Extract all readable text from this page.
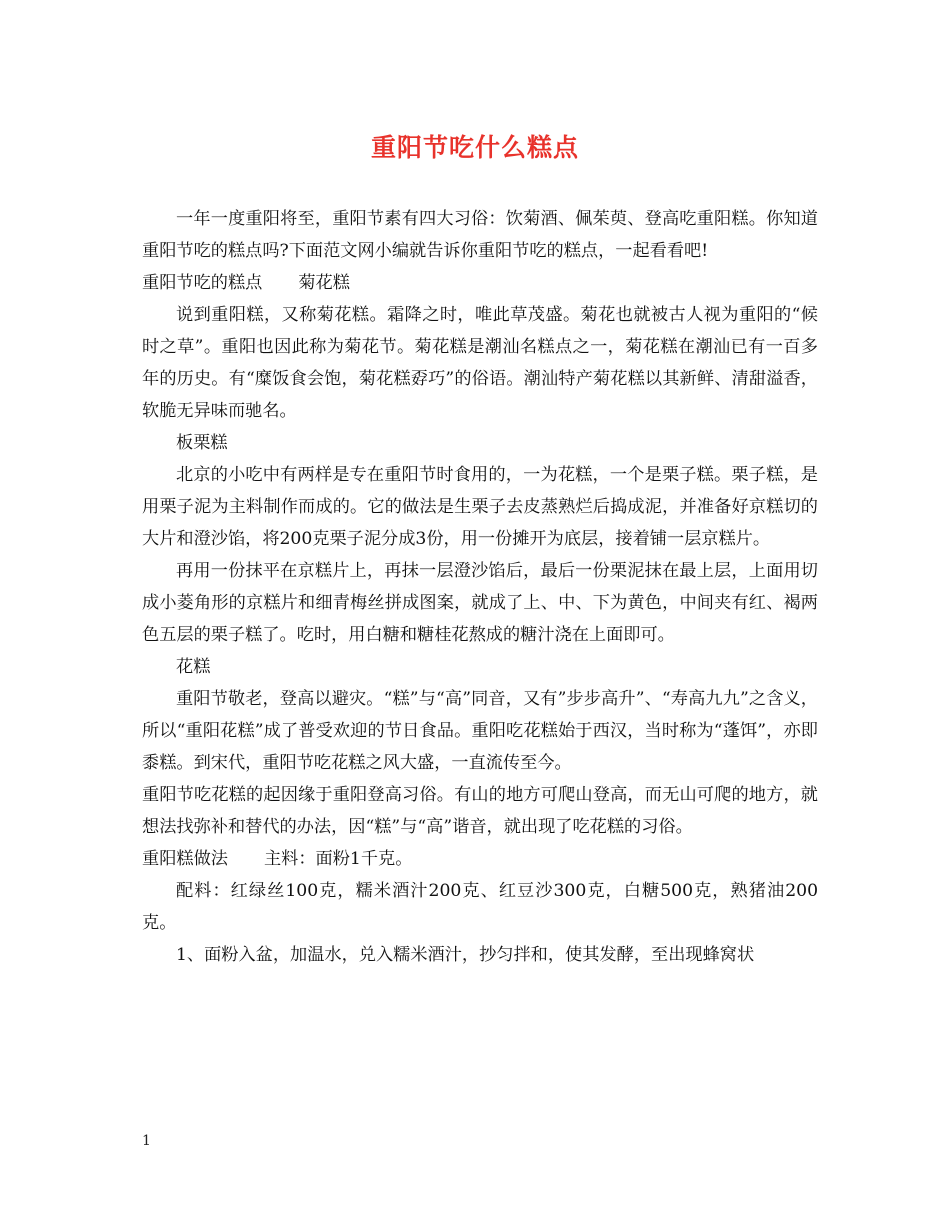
重阳节吃什么糕点

一年一度重阳将至，重阳节素有四大习俗：饮菊酒、佩茱萸、登高吃重阳糕。你知道重阳节吃的糕点吗?下面范文网小编就告诉你重阳节吃的糕点，一起看看吧!

重阳节吃的糕点 菊花糕

说到重阳糕，又称菊花糕。霜降之时，唯此草茂盛。菊花也就被古人视为重阳的“候时之草”。重阳也因此称为菊花节。菊花糕是潮汕名糕点之一，菊花糕在潮汕已有一百多年的历史。有“糜饭食会饱，菊花糕孬巧”的俗语。潮汕特产菊花糕以其新鲜、清甜溢香，软脆无异味而驰名。

板栗糕

北京的小吃中有两样是专在重阳节时食用的，一为花糕，一个是栗子糕。栗子糕，是用栗子泥为主料制作而成的。它的做法是生栗子去皮蒸熟烂后捣成泥，并准备好京糕切的大片和澄沙馅，将200克栗子泥分成3份，用一份摊开为底层，接着铺一层京糕片。

再用一份抹平在京糕片上，再抹一层澄沙馅后，最后一份栗泥抹在最上层，上面用切成小菱角形的京糕片和细青梅丝拼成图案，就成了上、中、下为黄色，中间夹有红、褐两色五层的栗子糕了。吃时，用白糖和糖桂花熬成的糖汁浇在上面即可。

花糕

重阳节敬老，登高以避灾。“糕”与“高”同音，又有”步步高升”、“寿高九九”之含义，所以“重阳花糕”成了普受欢迎的节日食品。重阳吃花糕始于西汉，当时称为“蓬饵”，亦即黍糕。到宋代，重阳节吃花糕之风大盛，一直流传至今。

重阳节吃花糕的起因缘于重阳登高习俗。有山的地方可爬山登高，而无山可爬的地方，就想法找弥补和替代的办法，因“糕”与“高”谐音，就出现了吃花糕的习俗。

重阳糕做法 主料：面粉1千克。

配料：红绿丝100克，糯米酒汁200克、红豆沙300克，白糖500克，熟猪油200克。

1、面粉入盆，加温水，兑入糯米酒汁，抄匀拌和，使其发酵，至出现蜂窝状

1
